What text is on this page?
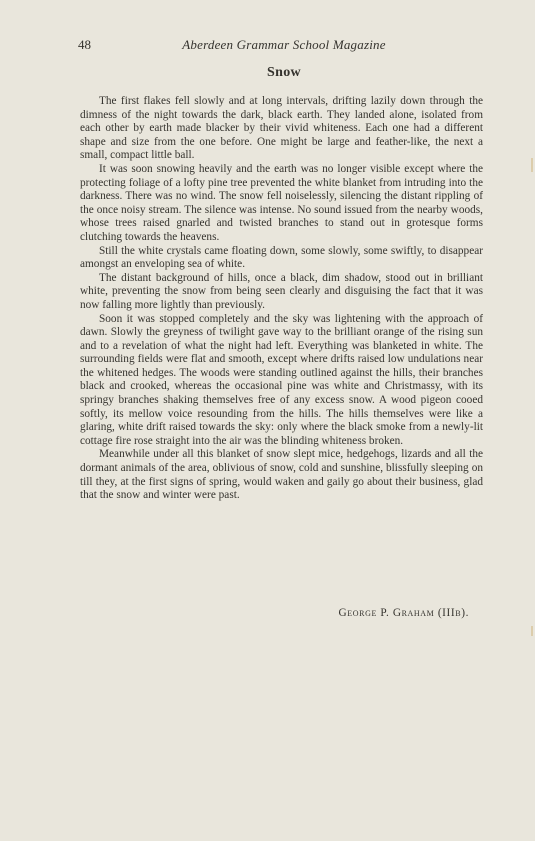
48	Aberdeen Grammar School Magazine
Snow

The first flakes fell slowly and at long intervals, drifting lazily down through the dimness of the night towards the dark, black earth. They landed alone, isolated from each other by earth made blacker by their vivid whiteness. Each one had a different shape and size from the one before. One might be large and feather-like, the next a small, compact little ball.

It was soon snowing heavily and the earth was no longer visible except where the protecting foliage of a lofty pine tree prevented the white blanket from intruding into the darkness. There was no wind. The snow fell noiselessly, silencing the distant rippling of the once noisy stream. The silence was intense. No sound issued from the nearby woods, whose trees raised gnarled and twisted branches to stand out in grotesque forms clutching towards the heavens.

Still the white crystals came floating down, some slowly, some swiftly, to disappear amongst an enveloping sea of white.

The distant background of hills, once a black, dim shadow, stood out in brilliant white, preventing the snow from being seen clearly and disguising the fact that it was now falling more lightly than previously.

Soon it was stopped completely and the sky was lightening with the approach of dawn. Slowly the greyness of twilight gave way to the brilliant orange of the rising sun and to a revelation of what the night had left. Everything was blanketed in white. The surrounding fields were flat and smooth, except where drifts raised low undulations near the whitened hedges. The woods were standing outlined against the hills, their branches black and crooked, whereas the occasional pine was white and Christmassy, with its springy branches shaking themselves free of any excess snow. A wood pigeon cooed softly, its mellow voice resounding from the hills. The hills themselves were like a glaring, white drift raised towards the sky: only where the black smoke from a newly-lit cottage fire rose straight into the air was the blinding whiteness broken.

Meanwhile under all this blanket of snow slept mice, hedgehogs, lizards and all the dormant animals of the area, oblivious of snow, cold and sunshine, blissfully sleeping on till they, at the first signs of spring, would waken and gaily go about their business, glad that the snow and winter were past.

George P. Graham (IIIb).
